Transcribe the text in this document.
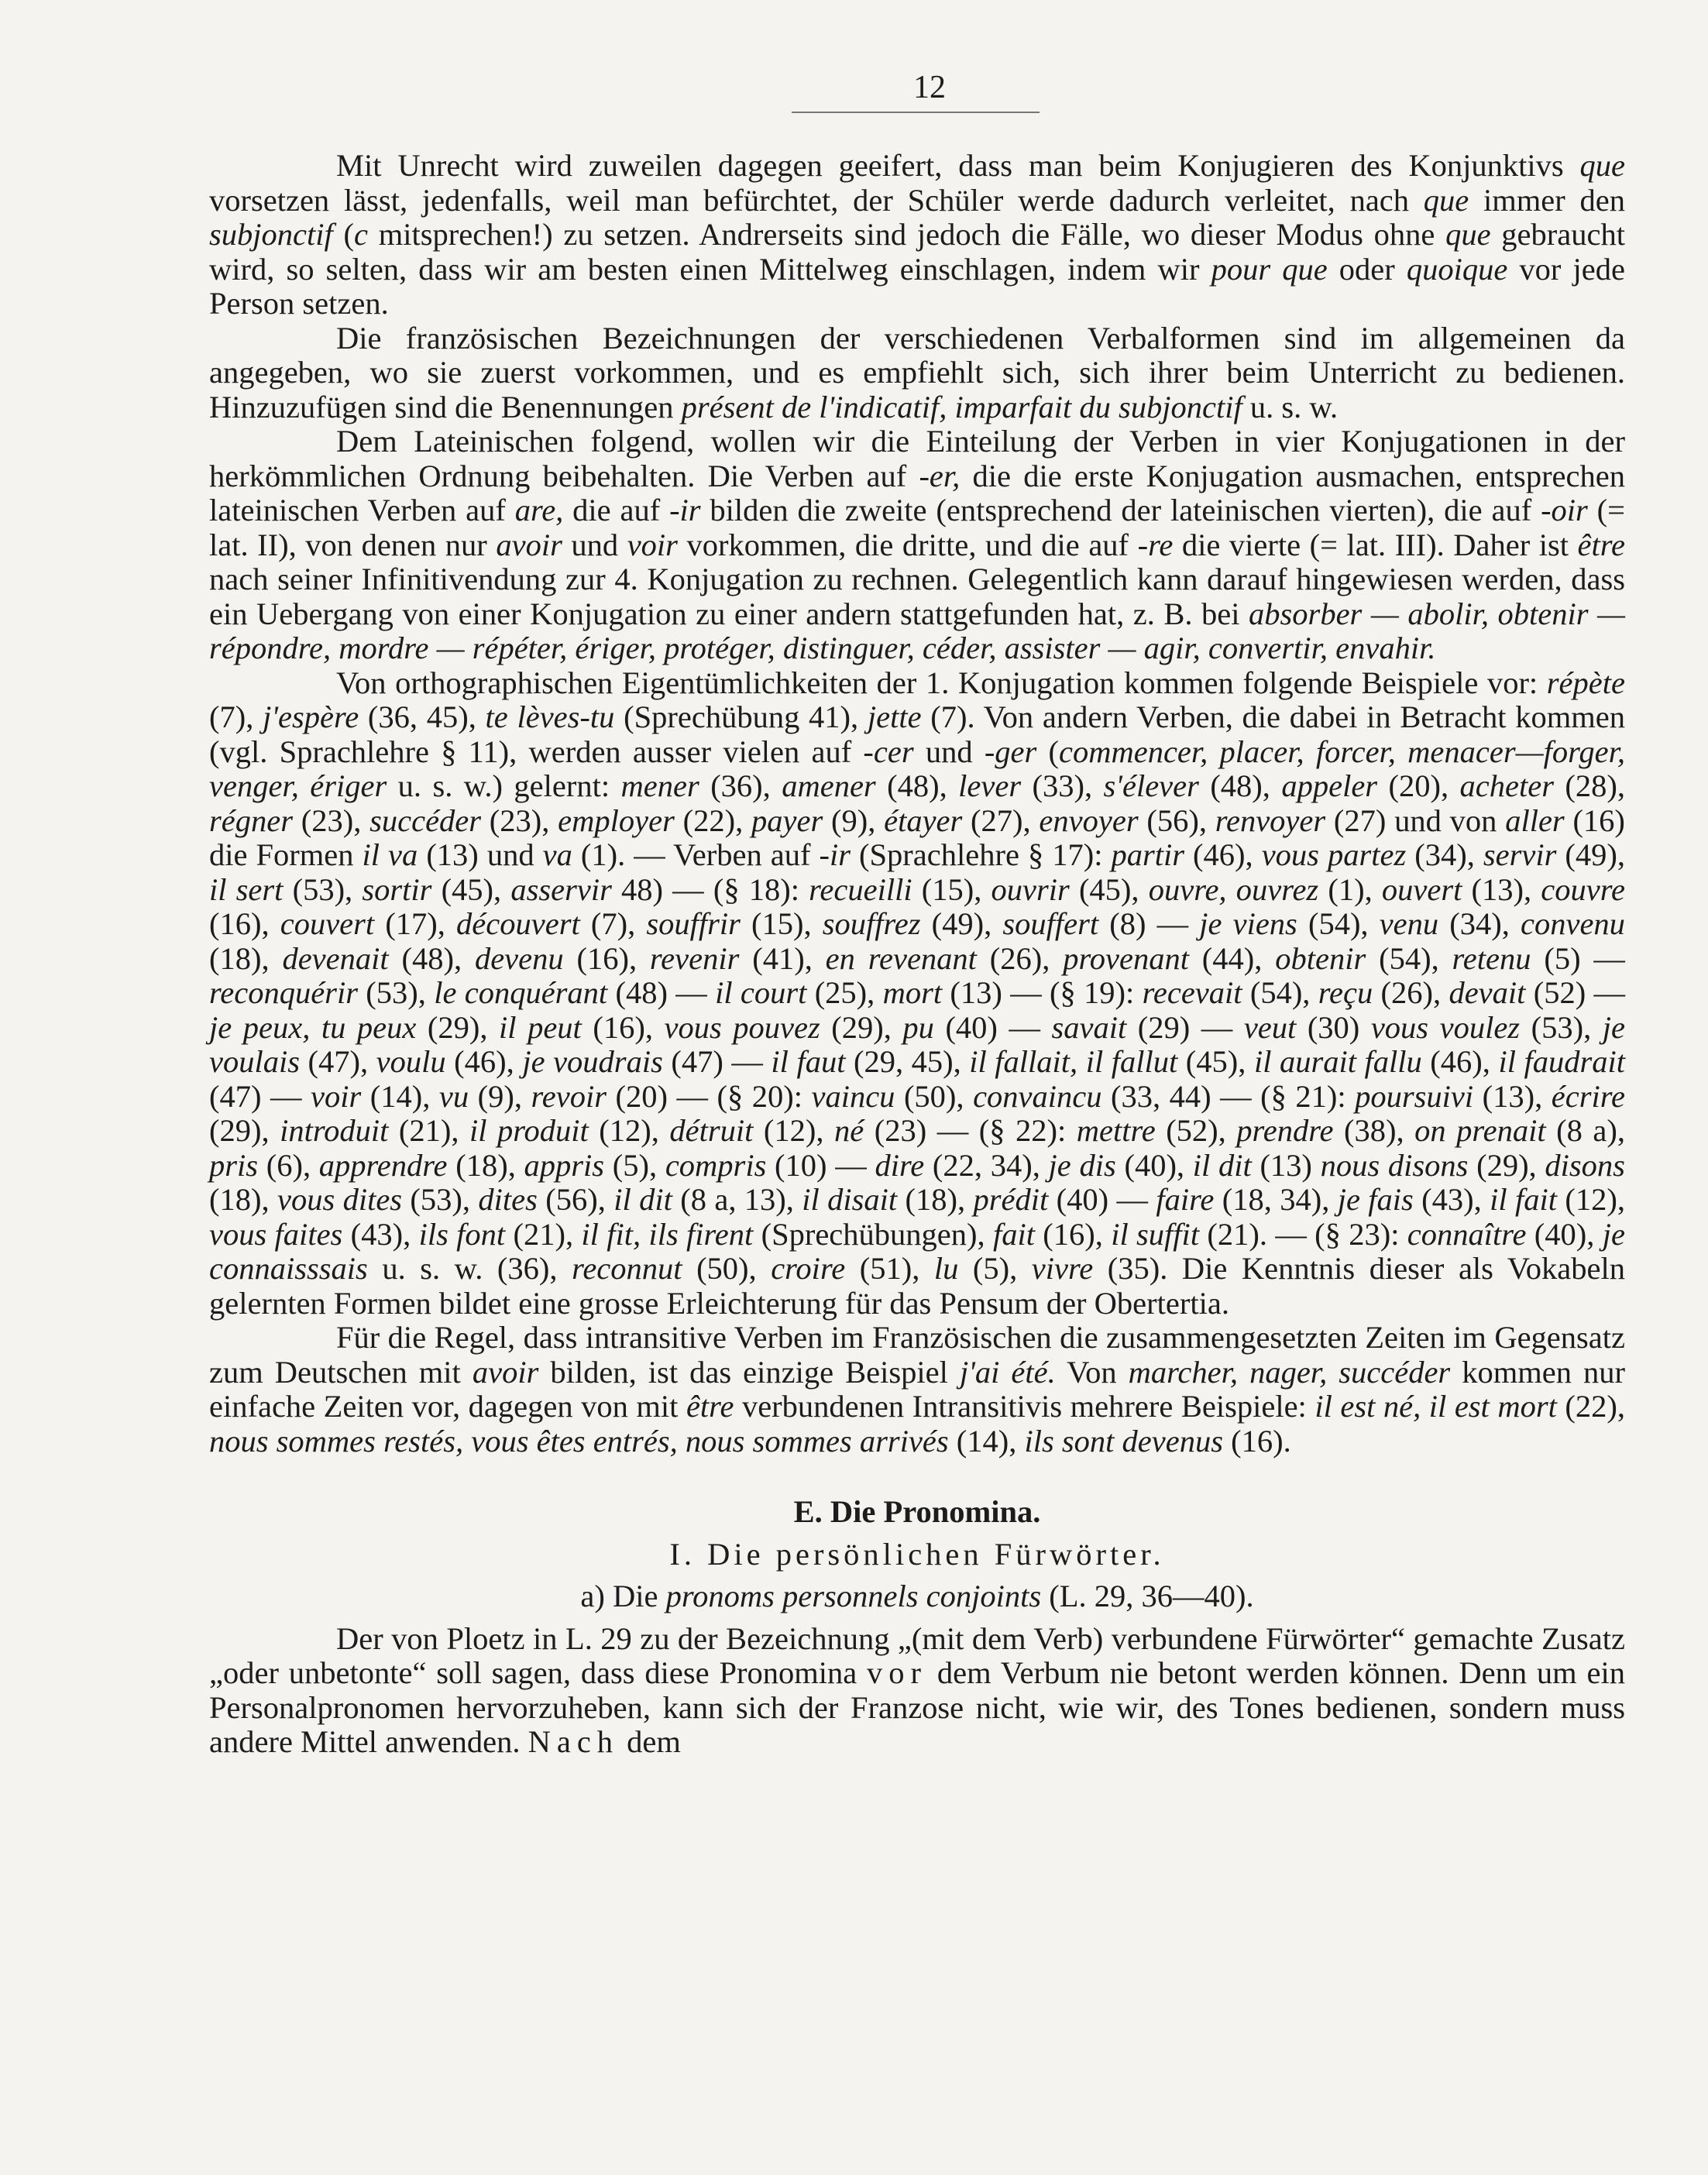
12

Mit Unrecht wird zuweilen dagegen geeifert, dass man beim Konjugieren des Konjunktivs que vorsetzen lässt, jedenfalls, weil man befürchtet, der Schüler werde dadurch verleitet, nach que immer den subjonctif (c mitsprechen!) zu setzen. Andrerseits sind jedoch die Fälle, wo dieser Modus ohne que gebraucht wird, so selten, dass wir am besten einen Mittelweg einschlagen, indem wir pour que oder quoique vor jede Person setzen.

Die französischen Bezeichnungen der verschiedenen Verbalformen sind im allgemeinen da angegeben, wo sie zuerst vorkommen, und es empfiehlt sich, sich ihrer beim Unterricht zu bedienen. Hinzuzufügen sind die Benennungen présent de l'indicatif, imparfait du subjonctif u. s. w.

Dem Lateinischen folgend, wollen wir die Einteilung der Verben in vier Konjugationen in der herkömmlichen Ordnung beibehalten. Die Verben auf -er, die die erste Konjugation ausmachen, entsprechen lateinischen Verben auf are, die auf -ir bilden die zweite (entsprechend der lateinischen vierten), die auf -oir (= lat. II), von denen nur avoir und voir vorkommen, die dritte, und die auf -re die vierte (= lat. III). Daher ist être nach seiner Infinitivendung zur 4. Konjugation zu rechnen. Gelegentlich kann darauf hingewiesen werden, dass ein Uebergang von einer Konjugation zu einer andern stattgefunden hat, z. B. bei absorber — abolir, obtenir — répondre, mordre — répéter, ériger, protéger, distinguer, céder, assister — agir, convertir, envahir.

Von orthographischen Eigentümlichkeiten der 1. Konjugation kommen folgende Beispiele vor: répète (7), j'espère (36, 45), te lèves-tu (Sprechübung 41), jette (7). Von andern Verben, die dabei in Betracht kommen (vgl. Sprachlehre § 11), werden ausser vielen auf -cer und -ger (commencer, placer, forcer, menacer—forger, venger, ériger u. s. w.) gelernt: mener (36), amener (48), lever (33), s'élever (48), appeler (20), acheter (28), régner (23), succéder (23), employer (22), payer (9), étayer (27), envoyer (56), renvoyer (27) und von aller (16) die Formen il va (13) und va (1). — Verben auf -ir (Sprachlehre § 17): partir (46), vous partez (34), servir (49), il sert (53), sortir (45), asservir 48) — (§ 18): recueilli (15), ouvrir (45), ouvre, ouvrez (1), ouvert (13), couvre (16), couvert (17), découvert (7), souffrir (15), souffrez (49), souffert (8) — je viens (54), venu (34), convenu (18), devenait (48), devenu (16), revenir (41), en revenant (26), provenant (44), obtenir (54), retenu (5) — reconquérir (53), le conquérant (48) — il court (25), mort (13) — (§ 19): recevait (54), reçu (26), devait (52) — je peux, tu peux (29), il peut (16), vous pouvez (29), pu (40) — savait (29) — veut (30) vous voulez (53), je voulais (47), voulu (46), je voudrais (47) — il faut (29, 45), il fallait, il fallut (45), il aurait fallu (46), il faudrait (47) — voir (14), vu (9), revoir (20) — (§ 20): vaincu (50), convaincu (33, 44) — (§ 21): poursuivi (13), écrire (29), introduit (21), il produit (12), détruit (12), né (23) — (§ 22): mettre (52), prendre (38), on prenait (8 a), pris (6), apprendre (18), appris (5), compris (10) — dire (22, 34), je dis (40), il dit (13) nous disons (29), disons (18), vous dites (53), dites (56), il dit (8 a, 13), il disait (18), prédit (40) — faire (18, 34), je fais (43), il fait (12), vous faites (43), ils font (21), il fit, ils firent (Sprechübungen), fait (16), il suffit (21). — (§ 23): connaître (40), je connaisssais u. s. w. (36), reconnut (50), croire (51), lu (5), vivre (35). Die Kenntnis dieser als Vokabeln gelernten Formen bildet eine grosse Erleichterung für das Pensum der Obertertia.

Für die Regel, dass intransitive Verben im Französischen die zusammengesetzten Zeiten im Gegensatz zum Deutschen mit avoir bilden, ist das einzige Beispiel j'ai été. Von marcher, nager, succéder kommen nur einfache Zeiten vor, dagegen von mit être verbundenen Intransitivis mehrere Beispiele: il est né, il est mort (22), nous sommes restés, vous êtes entrés, nous sommes arrivés (14), ils sont devenus (16).

E. Die Pronomina.

I. Die persönlichen Fürwörter.

a) Die pronoms personnels conjoints (L. 29, 36—40).

Der von Ploetz in L. 29 zu der Bezeichnung „(mit dem Verb) verbundene Fürwörter“ gemachte Zusatz „oder unbetonte“ soll sagen, dass diese Pronomina vor dem Verbum nie betont werden können. Denn um ein Personalpronomen hervorzuheben, kann sich der Franzose nicht, wie wir, des Tones bedienen, sondern muss andere Mittel anwenden. Nach dem
